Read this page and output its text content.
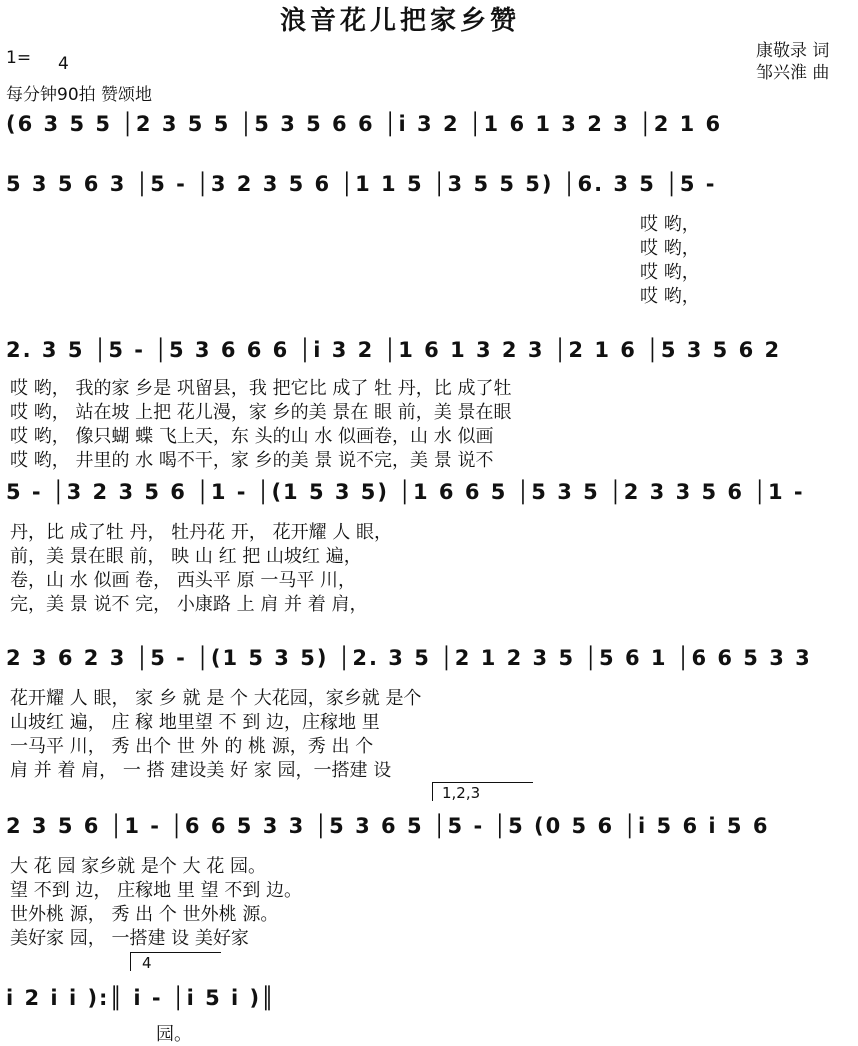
浪音花儿把家乡赞
康敬录 词
邹兴淮 曲
1= 4
每分钟90拍 赞颂地
(6 3 5 5 │2 3 5 5 │5 3 5 6 6 │i 3 2 │1 6 1 3 2 3 │2 1 6
5 3 5 6 3 │5 - │3 2 3 5 6 │1 1 5 │3 5 5 5) │6. 3 5 │5 -
哎 哟，
哎 哟，
哎 哟，
哎 哟，
2. 3 5 │5 - │5 3 6 6 6 │i 3 2 │1 6 1 3 2 3 │2 1 6 │5 3 5 6 2
哎 哟， 我的家 乡是 巩留县，我 把它比 成了 牡 丹，比 成了牡
哎 哟， 站在坡 上把 花儿漫，家 乡的美 景在 眼 前，美 景在眼
哎 哟， 像只蝴 蝶 飞上天，东 头的山 水 似画卷，山 水 似画
哎 哟， 井里的 水 喝不干，家 乡的美 景 说不完，美 景 说不
5 - │3 2 3 5 6 │1 - │(1 5 3 5) │1 6 6 5 │5 3 5 │2 3 3 5 6 │1 -
丹，比 成了牡 丹， 牡丹花 开， 花开耀 人 眼，
前，美 景在眼 前， 映 山 红 把 山坡红 遍，
卷，山 水 似画 卷， 西头平 原 一马平 川，
完，美 景 说不 完， 小康路 上 肩 并 着 肩，
2 3 6 2 3 │5 - │(1 5 3 5) │2. 3 5 │2 1 2 3 5 │5 6 1 │6 6 5 3 3
花开耀 人 眼， 家 乡 就 是 个 大花园，家乡就 是个
山坡红 遍， 庄 稼 地里望 不 到 边，庄稼地 里
一马平 川， 秀 出个 世 外 的 桃 源，秀 出 个
肩 并 着 肩， 一 搭 建设美 好 家 园，一搭建 设
1,2,3
2 3 5 6 │1 - │6 6 5 3 3 │5 3 6 5 │5 - │5 (0 5 6 │i 5 6 i 5 6
大 花 园 家乡就 是个 大 花 园。
望 不到 边， 庄稼地 里 望 不到 边。
世外桃 源， 秀 出 个 世外桃 源。
美好家 园， 一搭建 设 美好家
4
i 2 i i ):║ i - │i 5 i )║
园。
